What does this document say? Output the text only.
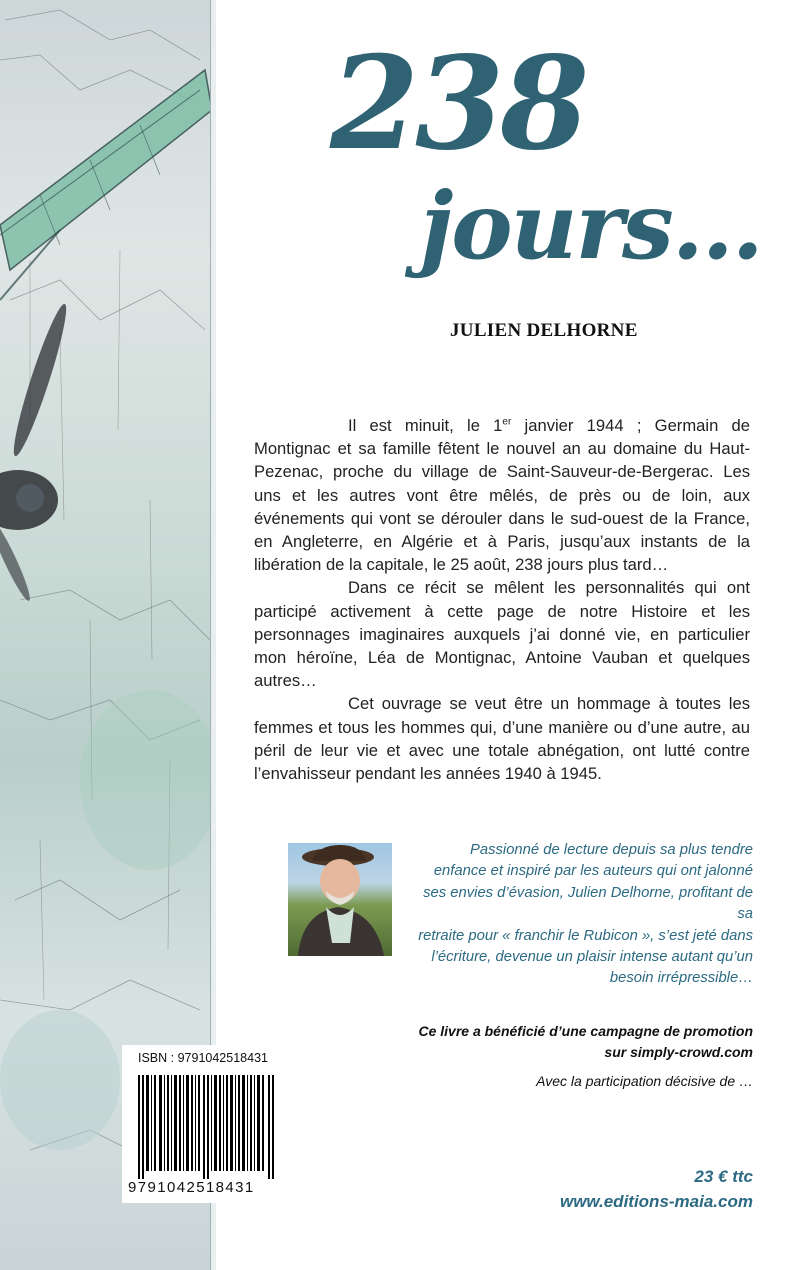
238
jours…
JULIEN DELHORNE

Il est minuit, le 1er janvier 1944 ; Germain de Montignac et sa famille fêtent le nouvel an au domaine du Haut-Pezenac, proche du village de Saint-Sauveur-de-Bergerac. Les uns et les autres vont être mêlés, de près ou de loin, aux événements qui vont se dérouler dans le sud-ouest de la France, en Angleterre, en Algérie et à Paris, jusqu’aux instants de la libération de la capitale, le 25 août, 238 jours plus tard…

Dans ce récit se mêlent les personnalités qui ont participé activement à cette page de notre Histoire et les personnages imaginaires auxquels j’ai donné vie, en particulier mon héroïne, Léa de Montignac, Antoine Vauban et quelques autres…

Cet ouvrage se veut être un hommage à toutes les femmes et tous les hommes qui, d’une manière ou d’une autre, au péril de leur vie et avec une totale abnégation, ont lutté contre l’envahisseur pendant les années 1940 à 1945.

Passionné de lecture depuis sa plus tendre
enfance et inspiré par les auteurs qui ont jalonné
ses envies d’évasion, Julien Delhorne, profitant de sa
retraite pour « franchir le Rubicon », s’est jeté dans
l’écriture, devenue un plaisir intense autant qu’un
besoin irrépressible…
Ce livre a bénéficié d’une campagne de promotion
sur simply-crowd.com
Avec la participation décisive de …
23 € ttc
www.editions-maia.com
ISBN : 9791042518431
9791042518431
